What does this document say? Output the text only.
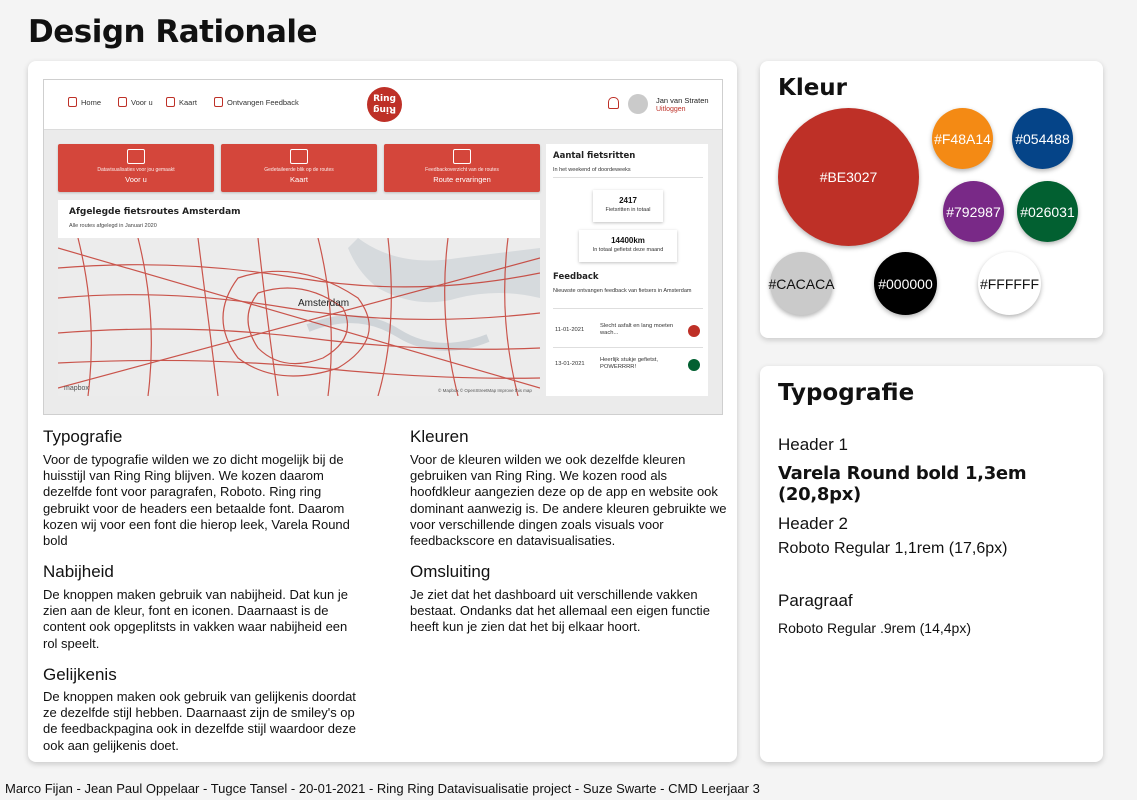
Design Rationale
Home	Voor u	Kaart	Ontvangen Feedback	Ring
Ring
Jan van Straten
Uitloggen
Datavisualisaties voor jou gemaakt
Voor u
Gedetaileerde blik op de routes
Kaart
Feedbackoverzicht van de routes
Route ervaringen
Afgelegde fietsroutes Amsterdam
Alle routes afgelegd in Januari 2020
Amsterdam
mapbox	© Mapbox © OpenStreetMap Improve this map
Aantal fietsritten
In het weekend of doordeweeks
2417
Fietsritten in totaal
14400km
In totaal gefietst deze maand
Feedback
Nieuwste ontvangen feedback van fietsers in Amsterdam
11-01-2021
Slecht asfalt en lang moeten wach...
13-01-2021
Heerlijk stukje gefietst, POWERRRR!
Typografie
Voor de typografie wilden we zo dicht mogelijk bij de huisstijl van Ring Ring blijven. We kozen daarom dezelfde font voor paragrafen, Roboto. Ring ring gebruikt voor de headers een betaalde font. Daarom kozen wij voor een font die hierop leek, Varela Round bold
Nabijheid
De knoppen maken gebruik van nabijheid. Dat kun je zien aan de kleur, font en iconen. Daarnaast is de content ook opgeplitsts in vakken waar nabijheid een rol speelt.
Gelijkenis
De knoppen maken ook gebruik van gelijkenis doordat ze dezelfde stijl hebben. Daarnaast zijn de smiley's op de feedbackpagina ook in dezelfde stijl waardoor deze ook aan gelijkenis doet.
Kleuren
Voor de kleuren wilden we ook dezelfde kleuren gebruiken van Ring Ring. We kozen rood als hoofdkleur aangezien deze op de app en website ook dominant aanwezig is. De andere kleuren gebruikte we voor verschillende dingen zoals visuals voor feedbackscore en datavisualisaties.
Omsluiting
Je ziet dat het dashboard uit verschillende vakken bestaat. Ondanks dat het allemaal een eigen functie heeft kun je zien dat het bij elkaar hoort.
Kleur
#BE3027
#F48A14 #054488
#792987 #026031
#CACACA	#000000	#FFFFFF
Typografie
Header 1
Varela Round bold 1,3em (20,8px)
Header 2
Roboto Regular 1,1rem (17,6px)
Paragraaf
Roboto Regular .9rem (14,4px)
Marco Fijan - Jean Paul Oppelaar - Tugce Tansel - 20-01-2021 - Ring Ring Datavisualisatie project - Suze Swarte - CMD Leerjaar 3
